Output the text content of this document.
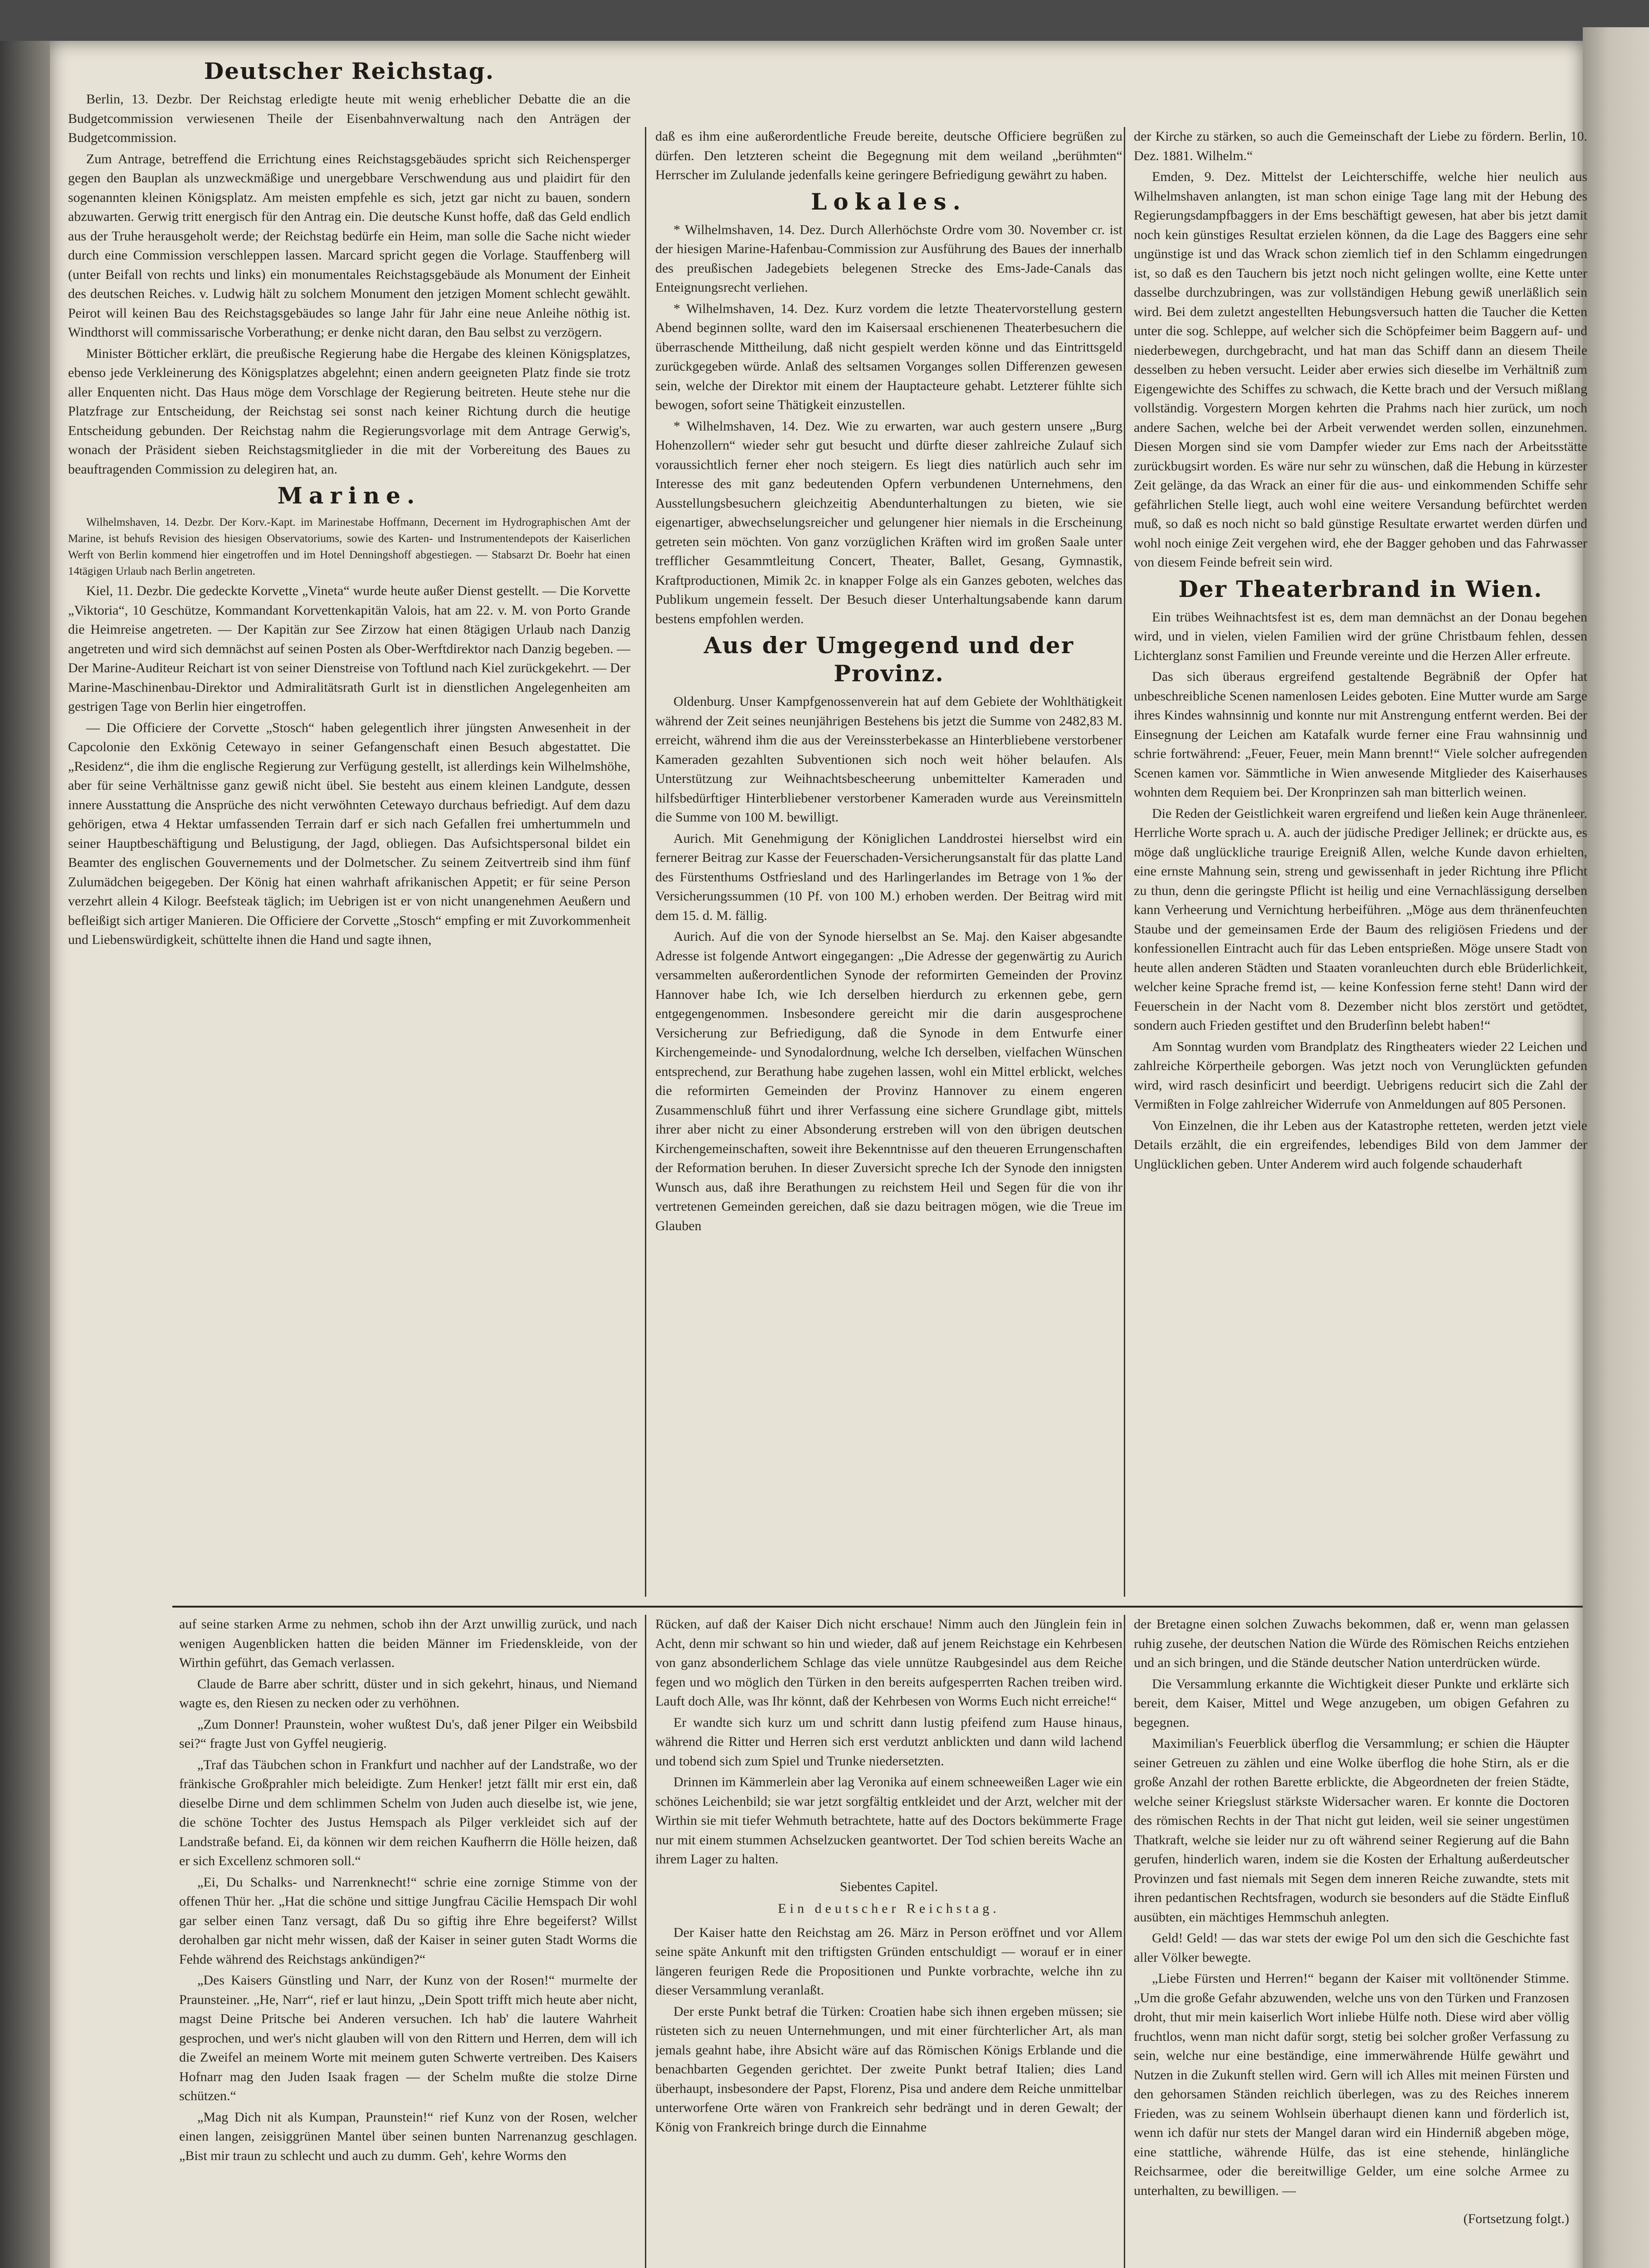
Deutscher Reichstag.

Berlin, 13. Dezbr. Der Reichstag erledigte heute mit wenig erheblicher Debatte die an die Budgetcommission verwiesenen Theile der Eisenbahnverwaltung nach den Anträgen der Budgetcommission.

Zum Antrage, betreffend die Errichtung eines Reichstagsgebäudes spricht sich Reichensperger gegen den Bauplan als unzweckmäßige und unergebbare Verschwendung aus und plaidirt für den sogenannten kleinen Königsplatz. Am meisten empfehle es sich, jetzt gar nicht zu bauen, sondern abzuwarten. Gerwig tritt energisch für den Antrag ein. Die deutsche Kunst hoffe, daß das Geld endlich aus der Truhe herausgeholt werde; der Reichstag bedürfe ein Heim, man solle die Sache nicht wieder durch eine Commission verschleppen lassen. Marcard spricht gegen die Vorlage. Stauffenberg will (unter Beifall von rechts und links) ein monumentales Reichstagsgebäude als Monument der Einheit des deutschen Reiches. v. Ludwig hält zu solchem Monument den jetzigen Moment schlecht gewählt. Peirot will keinen Bau des Reichstagsgebäudes so lange Jahr für Jahr eine neue Anleihe nöthig ist. Windthorst will commissarische Vorberathung; er denke nicht daran, den Bau selbst zu verzögern.

Minister Bötticher erklärt, die preußische Regierung habe die Hergabe des kleinen Königsplatzes, ebenso jede Verkleinerung des Königsplatzes abgelehnt; einen andern geeigneten Platz finde sie trotz aller Enquenten nicht. Das Haus möge dem Vorschlage der Regierung beitreten. Heute stehe nur die Platzfrage zur Entscheidung, der Reichstag sei sonst nach keiner Richtung durch die heutige Entscheidung gebunden. Der Reichstag nahm die Regierungsvorlage mit dem Antrage Gerwig's, wonach der Präsident sieben Reichstagsmitglieder in die mit der Vorbereitung des Baues zu beauftragenden Commission zu delegiren hat, an.

Marine.

Wilhelmshaven, 14. Dezbr. Der Korv.-Kapt. im Marinestabe Hoffmann, Decernent im Hydrographischen Amt der Marine, ist behufs Revision des hiesigen Observatoriums, sowie des Karten- und Instrumentendepots der Kaiserlichen Werft von Berlin kommend hier eingetroffen und im Hotel Denningshoff abgestiegen. — Stabsarzt Dr. Boehr hat einen 14tägigen Urlaub nach Berlin angetreten.

Kiel, 11. Dezbr. Die gedeckte Korvette „Vineta“ wurde heute außer Dienst gestellt. — Die Korvette „Viktoria“, 10 Geschütze, Kommandant Korvettenkapitän Valois, hat am 22. v. M. von Porto Grande die Heimreise angetreten. — Der Kapitän zur See Zirzow hat einen 8tägigen Urlaub nach Danzig angetreten und wird sich demnächst auf seinen Posten als Ober-Werftdirektor nach Danzig begeben. — Der Marine-Auditeur Reichart ist von seiner Dienstreise von Toftlund nach Kiel zurückgekehrt. — Der Marine-Maschinenbau-Direktor und Admiralitätsrath Gurlt ist in dienstlichen Angelegenheiten am gestrigen Tage von Berlin hier eingetroffen.

— Die Officiere der Corvette „Stosch“ haben gelegentlich ihrer jüngsten Anwesenheit in der Capcolonie den Exkönig Cetewayo in seiner Gefangenschaft einen Besuch abgestattet. Die „Residenz“, die ihm die englische Regierung zur Verfügung gestellt, ist allerdings kein Wilhelmshöhe, aber für seine Verhältnisse ganz gewiß nicht übel. Sie besteht aus einem kleinen Landgute, dessen innere Ausstattung die Ansprüche des nicht verwöhnten Cetewayo durchaus befriedigt. Auf dem dazu gehörigen, etwa 4 Hektar umfassenden Terrain darf er sich nach Gefallen frei umhertummeln und seiner Hauptbeschäftigung und Belustigung, der Jagd, obliegen. Das Aufsichtspersonal bildet ein Beamter des englischen Gouvernements und der Dolmetscher. Zu seinem Zeitvertreib sind ihm fünf Zulumädchen beigegeben. Der König hat einen wahrhaft afrikanischen Appetit; er für seine Person verzehrt allein 4 Kilogr. Beefsteak täglich; im Uebrigen ist er von nicht unangenehmen Aeußern und befleißigt sich artiger Manieren. Die Officiere der Corvette „Stosch“ empfing er mit Zuvorkommenheit und Liebenswürdigkeit, schüttelte ihnen die Hand und sagte ihnen,

daß es ihm eine außerordentliche Freude bereite, deutsche Officiere begrüßen zu dürfen. Den letzteren scheint die Begegnung mit dem weiland „berühmten“ Herrscher im Zululande jedenfalls keine geringere Befriedigung gewährt zu haben.

Lokales.

* Wilhelmshaven, 14. Dez. Durch Allerhöchste Ordre vom 30. November cr. ist der hiesigen Marine-Hafenbau-Commission zur Ausführung des Baues der innerhalb des preußischen Jadegebiets belegenen Strecke des Ems-Jade-Canals das Enteignungsrecht verliehen.

* Wilhelmshaven, 14. Dez. Kurz vordem die letzte Theatervorstellung gestern Abend beginnen sollte, ward den im Kaisersaal erschienenen Theaterbesuchern die überraschende Mittheilung, daß nicht gespielt werden könne und das Eintrittsgeld zurückgegeben würde. Anlaß des seltsamen Vorganges sollen Differenzen gewesen sein, welche der Direktor mit einem der Hauptacteure gehabt. Letzterer fühlte sich bewogen, sofort seine Thätigkeit einzustellen.

* Wilhelmshaven, 14. Dez. Wie zu erwarten, war auch gestern unsere „Burg Hohenzollern“ wieder sehr gut besucht und dürfte dieser zahlreiche Zulauf sich voraussichtlich ferner eher noch steigern. Es liegt dies natürlich auch sehr im Interesse des mit ganz bedeutenden Opfern verbundenen Unternehmens, den Ausstellungsbesuchern gleichzeitig Abendunterhaltungen zu bieten, wie sie eigenartiger, abwechselungsreicher und gelungener hier niemals in die Erscheinung getreten sein möchten. Von ganz vorzüglichen Kräften wird im großen Saale unter trefflicher Gesammtleitung Concert, Theater, Ballet, Gesang, Gymnastik, Kraftproductionen, Mimik 2c. in knapper Folge als ein Ganzes geboten, welches das Publikum ungemein fesselt. Der Besuch dieser Unterhaltungsabende kann darum bestens empfohlen werden.

Aus der Umgegend und der Provinz.

Oldenburg. Unser Kampfgenossenverein hat auf dem Gebiete der Wohlthätigkeit während der Zeit seines neunjährigen Bestehens bis jetzt die Summe von 2482,83 M. erreicht, während ihm die aus der Vereinssterbekasse an Hinterbliebene verstorbener Kameraden gezahlten Subventionen sich noch weit höher belaufen. Als Unterstützung zur Weihnachtsbescheerung unbemittelter Kameraden und hilfsbedürftiger Hinterbliebener verstorbener Kameraden wurde aus Vereinsmitteln die Summe von 100 M. bewilligt.

Aurich. Mit Genehmigung der Königlichen Landdrostei hierselbst wird ein fernerer Beitrag zur Kasse der Feuerschaden-Versicherungsanstalt für das platte Land des Fürstenthums Ostfriesland und des Harlingerlandes im Betrage von 1‰ der Versicherungssummen (10 Pf. von 100 M.) erhoben werden. Der Beitrag wird mit dem 15. d. M. fällig.

Aurich. Auf die von der Synode hierselbst an Se. Maj. den Kaiser abgesandte Adresse ist folgende Antwort eingegangen: „Die Adresse der gegenwärtig zu Aurich versammelten außerordentlichen Synode der reformirten Gemeinden der Provinz Hannover habe Ich, wie Ich derselben hierdurch zu erkennen gebe, gern entgegengenommen. Insbesondere gereicht mir die darin ausgesprochene Versicherung zur Befriedigung, daß die Synode in dem Entwurfe einer Kirchengemeinde- und Synodalordnung, welche Ich derselben, vielfachen Wünschen entsprechend, zur Berathung habe zugehen lassen, wohl ein Mittel erblickt, welches die reformirten Gemeinden der Provinz Hannover zu einem engeren Zusammenschluß führt und ihrer Verfassung eine sichere Grundlage gibt, mittels ihrer aber nicht zu einer Absonderung erstreben will von den übrigen deutschen Kirchengemeinschaften, soweit ihre Bekenntnisse auf den theueren Errungenschaften der Reformation beruhen. In dieser Zuversicht spreche Ich der Synode den innigsten Wunsch aus, daß ihre Berathungen zu reichstem Heil und Segen für die von ihr vertretenen Gemeinden gereichen, daß sie dazu beitragen mögen, wie die Treue im Glauben

der Kirche zu stärken, so auch die Gemeinschaft der Liebe zu fördern. Berlin, 10. Dez. 1881. Wilhelm.“

Emden, 9. Dez. Mittelst der Leichterschiffe, welche hier neulich aus Wilhelmshaven anlangten, ist man schon einige Tage lang mit der Hebung des Regierungsdampfbaggers in der Ems beschäftigt gewesen, hat aber bis jetzt damit noch kein günstiges Resultat erzielen können, da die Lage des Baggers eine sehr ungünstige ist und das Wrack schon ziemlich tief in den Schlamm eingedrungen ist, so daß es den Tauchern bis jetzt noch nicht gelingen wollte, eine Kette unter dasselbe durchzubringen, was zur vollständigen Hebung gewiß unerläßlich sein wird. Bei dem zuletzt angestellten Hebungsversuch hatten die Taucher die Ketten unter die sog. Schleppe, auf welcher sich die Schöpfeimer beim Baggern auf- und niederbewegen, durchgebracht, und hat man das Schiff dann an diesem Theile desselben zu heben versucht. Leider aber erwies sich dieselbe im Verhältniß zum Eigengewichte des Schiffes zu schwach, die Kette brach und der Versuch mißlang vollständig. Vorgestern Morgen kehrten die Prahms nach hier zurück, um noch andere Sachen, welche bei der Arbeit verwendet werden sollen, einzunehmen. Diesen Morgen sind sie vom Dampfer wieder zur Ems nach der Arbeitsstätte zurückbugsirt worden. Es wäre nur sehr zu wünschen, daß die Hebung in kürzester Zeit gelänge, da das Wrack an einer für die aus- und einkommenden Schiffe sehr gefährlichen Stelle liegt, auch wohl eine weitere Versandung befürchtet werden muß, so daß es noch nicht so bald günstige Resultate erwartet werden dürfen und wohl noch einige Zeit vergehen wird, ehe der Bagger gehoben und das Fahrwasser von diesem Feinde befreit sein wird.

Der Theaterbrand in Wien.

Ein trübes Weihnachtsfest ist es, dem man demnächst an der Donau begehen wird, und in vielen, vielen Familien wird der grüne Christbaum fehlen, dessen Lichterglanz sonst Familien und Freunde vereinte und die Herzen Aller erfreute.

Das sich überaus ergreifend gestaltende Begräbniß der Opfer hat unbeschreibliche Scenen namenlosen Leides geboten. Eine Mutter wurde am Sarge ihres Kindes wahnsinnig und konnte nur mit Anstrengung entfernt werden. Bei der Einsegnung der Leichen am Katafalk wurde ferner eine Frau wahnsinnig und schrie fortwährend: „Feuer, Feuer, mein Mann brennt!“ Viele solcher aufregenden Scenen kamen vor. Sämmtliche in Wien anwesende Mitglieder des Kaiserhauses wohnten dem Requiem bei. Der Kronprinzen sah man bitterlich weinen.

Die Reden der Geistlichkeit waren ergreifend und ließen kein Auge thränenleer. Herrliche Worte sprach u. A. auch der jüdische Prediger Jellinek; er drückte aus, es möge daß unglückliche traurige Ereigniß Allen, welche Kunde davon erhielten, eine ernste Mahnung sein, streng und gewissenhaft in jeder Richtung ihre Pflicht zu thun, denn die geringste Pflicht ist heilig und eine Vernachlässigung derselben kann Verheerung und Vernichtung herbeiführen. „Möge aus dem thränenfeuchten Staube und der gemeinsamen Erde der Baum des religiösen Friedens und der konfessionellen Eintracht auch für das Leben entsprießen. Möge unsere Stadt von heute allen anderen Städten und Staaten voranleuchten durch eble Brüderlichkeit, welcher keine Sprache fremd ist, — keine Konfession ferne steht! Dann wird der Feuerschein in der Nacht vom 8. Dezember nicht blos zerstört und getödtet, sondern auch Frieden gestiftet und den Bruderſinn belebt haben!“

Am Sonntag wurden vom Brandplatz des Ringtheaters wieder 22 Leichen und zahlreiche Körpertheile geborgen. Was jetzt noch von Verunglückten gefunden wird, wird rasch desinficirt und beerdigt. Uebrigens reducirt sich die Zahl der Vermißten in Folge zahlreicher Widerrufe von Anmeldungen auf 805 Personen.

Von Einzelnen, die ihr Leben aus der Katastrophe retteten, werden jetzt viele Details erzählt, die ein ergreifendes, lebendiges Bild von dem Jammer der Unglücklichen geben. Unter Anderem wird auch folgende schauderhaft

auf seine starken Arme zu nehmen, schob ihn der Arzt unwillig zurück, und nach wenigen Augenblicken hatten die beiden Männer im Friedenskleide, von der Wirthin geführt, das Gemach verlassen.

Claude de Barre aber schritt, düster und in sich gekehrt, hinaus, und Niemand wagte es, den Riesen zu necken oder zu verhöhnen.

„Zum Donner! Praunstein, woher wußtest Du's, daß jener Pilger ein Weibsbild sei?“ fragte Just von Gyffel neugierig.

„Traf das Täubchen schon in Frankfurt und nachher auf der Landstraße, wo der fränkische Großprahler mich beleidigte. Zum Henker! jetzt fällt mir erst ein, daß dieselbe Dirne und dem schlimmen Schelm von Juden auch dieselbe ist, wie jene, die schöne Tochter des Justus Hemspach als Pilger verkleidet sich auf der Landstraße befand. Ei, da können wir dem reichen Kaufherrn die Hölle heizen, daß er sich Excellenz schmoren soll.“

„Ei, Du Schalks- und Narrenknecht!“ schrie eine zornige Stimme von der offenen Thür her. „Hat die schöne und sittige Jungfrau Cäcilie Hemspach Dir wohl gar selber einen Tanz versagt, daß Du so giftig ihre Ehre begeiferst? Willst derohalben gar nicht mehr wissen, daß der Kaiser in seiner guten Stadt Worms die Fehde während des Reichstags ankündigen?“

„Des Kaisers Günstling und Narr, der Kunz von der Rosen!“ murmelte der Praunsteiner. „He, Narr“, rief er laut hinzu, „Dein Spott trifft mich heute aber nicht, magst Deine Pritsche bei Anderen versuchen. Ich hab' die lautere Wahrheit gesprochen, und wer's nicht glauben will von den Rittern und Herren, dem will ich die Zweifel an meinem Worte mit meinem guten Schwerte vertreiben. Des Kaisers Hofnarr mag den Juden Isaak fragen — der Schelm mußte die stolze Dirne schützen.“

„Mag Dich nit als Kumpan, Praunstein!“ rief Kunz von der Rosen, welcher einen langen, zeisiggrünen Mantel über seinen bunten Narrenanzug geschlagen. „Bist mir traun zu schlecht und auch zu dumm. Geh', kehre Worms den

Rücken, auf daß der Kaiser Dich nicht erschaue! Nimm auch den Jünglein fein in Acht, denn mir schwant so hin und wieder, daß auf jenem Reichstage ein Kehrbesen von ganz absonderlichem Schlage das viele unnütze Raubgesindel aus dem Reiche fegen und wo möglich den Türken in den bereits aufgesperrten Rachen treiben wird. Lauft doch Alle, was Ihr könnt, daß der Kehrbesen von Worms Euch nicht erreiche!“

Er wandte sich kurz um und schritt dann lustig pfeifend zum Hause hinaus, während die Ritter und Herren sich erst verdutzt anblickten und dann wild lachend und tobend sich zum Spiel und Trunke niedersetzten.

Drinnen im Kämmerlein aber lag Veronika auf einem schneeweißen Lager wie ein schönes Leichenbild; sie war jetzt sorgfältig entkleidet und der Arzt, welcher mit der Wirthin sie mit tiefer Wehmuth betrachtete, hatte auf des Doctors bekümmerte Frage nur mit einem stummen Achselzucken geantwortet. Der Tod schien bereits Wache an ihrem Lager zu halten.

Siebentes Capitel.

Ein deutscher Reichstag.

Der Kaiser hatte den Reichstag am 26. März in Person eröffnet und vor Allem seine späte Ankunft mit den triftigsten Gründen entschuldigt — worauf er in einer längeren feurigen Rede die Propositionen und Punkte vorbrachte, welche ihn zu dieser Versammlung veranlaßt.

Der erste Punkt betraf die Türken: Croatien habe sich ihnen ergeben müssen; sie rüsteten sich zu neuen Unternehmungen, und mit einer fürchterlicher Art, als man jemals geahnt habe, ihre Absicht wäre auf das Römischen Königs Erblande und die benachbarten Gegenden gerichtet. Der zweite Punkt betraf Italien; dies Land überhaupt, insbesondere der Papst, Florenz, Pisa und andere dem Reiche unmittelbar unterworfene Orte wären von Frankreich sehr bedrängt und in deren Gewalt; der König von Frankreich bringe durch die Einnahme

der Bretagne einen solchen Zuwachs bekommen, daß er, wenn man gelassen ruhig zusehe, der deutschen Nation die Würde des Römischen Reichs entziehen und an sich bringen, und die Stände deutscher Nation unterdrücken würde.

Die Versammlung erkannte die Wichtigkeit dieser Punkte und erklärte sich bereit, dem Kaiser, Mittel und Wege anzugeben, um obigen Gefahren zu begegnen.

Maximilian's Feuerblick überflog die Versammlung; er schien die Häupter seiner Getreuen zu zählen und eine Wolke überflog die hohe Stirn, als er die große Anzahl der rothen Barette erblickte, die Abgeordneten der freien Städte, welche seiner Kriegslust stärkste Widersacher waren. Er konnte die Doctoren des römischen Rechts in der That nicht gut leiden, weil sie seiner ungestümen Thatkraft, welche sie leider nur zu oft während seiner Regierung auf die Bahn gerufen, hinderlich waren, indem sie die Kosten der Erhaltung außerdeutscher Provinzen und fast niemals mit Segen dem inneren Reiche zuwandte, stets mit ihren pedantischen Rechtsfragen, wodurch sie besonders auf die Städte Einfluß ausübten, ein mächtiges Hemmschuh anlegten.

Geld! Geld! — das war stets der ewige Pol um den sich die Geschichte fast aller Völker bewegte.

„Liebe Fürsten und Herren!“ begann der Kaiser mit volltönender Stimme. „Um die große Gefahr abzuwenden, welche uns von den Türken und Franzosen droht, thut mir mein kaiserlich Wort inliebe Hülfe noth. Diese wird aber völlig fruchtlos, wenn man nicht dafür sorgt, stetig bei solcher großer Verfassung zu sein, welche nur eine beständige, eine immerwährende Hülfe gewährt und Nutzen in die Zukunft stellen wird. Gern will ich Alles mit meinen Fürsten und den gehorsamen Ständen reichlich überlegen, was zu des Reiches innerem Frieden, was zu seinem Wohlsein überhaupt dienen kann und förderlich ist, wenn ich dafür nur stets der Mangel daran wird ein Hinderniß abgeben möge, eine stattliche, währende Hülfe, das ist eine stehende, hinlängliche Reichsarmee, oder die bereitwillige Gelder, um eine solche Armee zu unterhalten, zu bewilligen. —

(Fortsetzung folgt.)
